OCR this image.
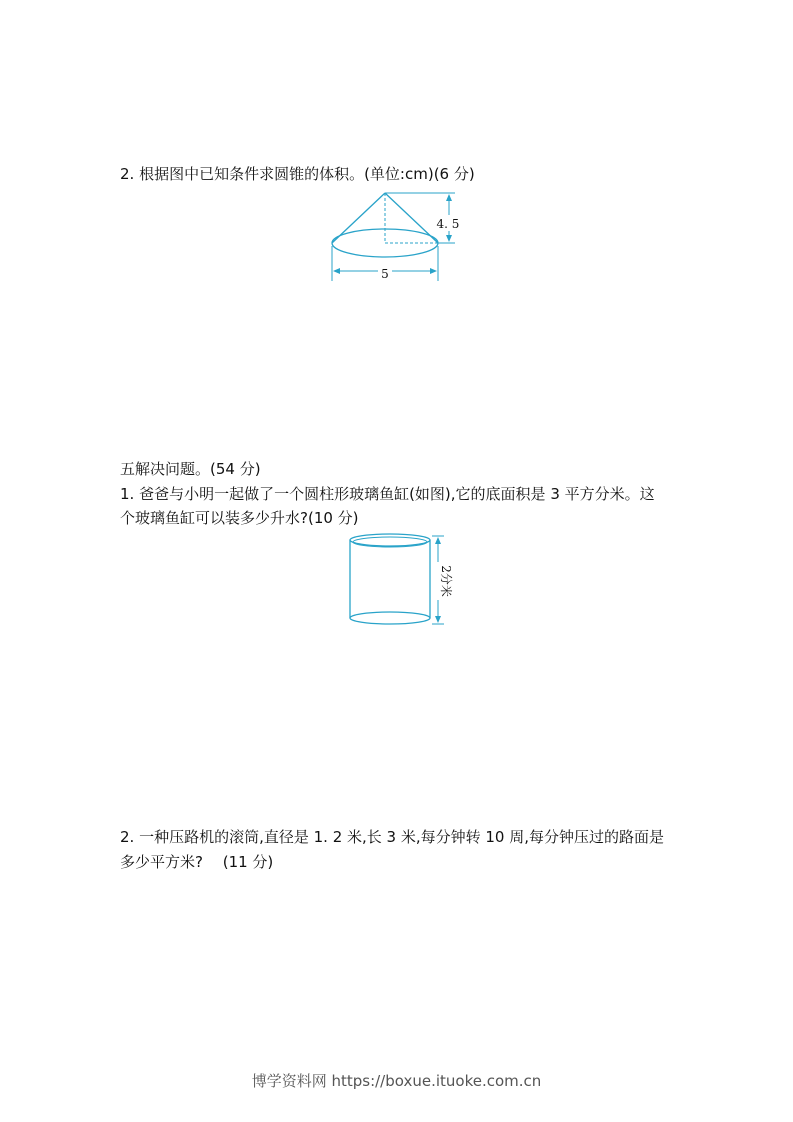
2. 根据图中已知条件求圆锥的体积。(单位:cm)(6 分)
4. 5
5
五解决问题。(54 分)
1. 爸爸与小明一起做了一个圆柱形玻璃鱼缸(如图),它的底面积是 3 平方分米。这
个玻璃鱼缸可以装多少升水?(10 分)
2分米
2. 一种压路机的滚筒,直径是 1. 2 米,长 3 米,每分钟转 10 周,每分钟压过的路面是
多少平方米?　 (11 分)
博学资料网 https://boxue.ituoke.com.cn
